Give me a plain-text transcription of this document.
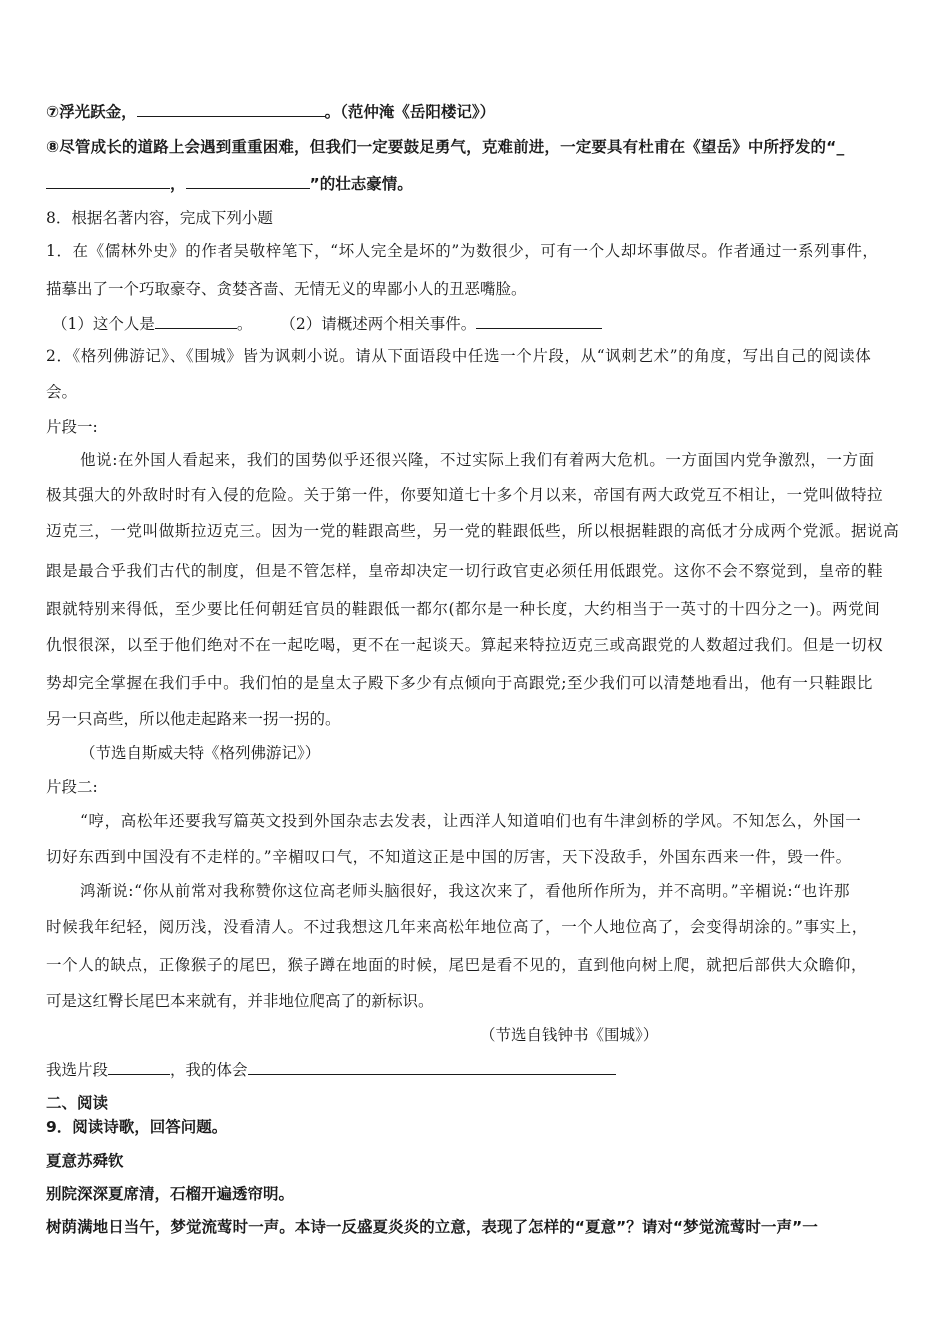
⑦浮光跃金，	。（范仲淹《岳阳楼记》）
⑧尽管成长的道路上会遇到重重困难，但我们一定要鼓足勇气，克难前进，一定要具有杜甫在《望岳》中所抒发的“_
，	”的壮志豪情。
8．根据名著内容，完成下列小题
1．在《儒林外史》的作者吴敬梓笔下，“坏人完全是坏的”为数很少，可有一个人却坏事做尽。作者通过一系列事件，
描摹出了一个巧取豪夺、贪婪吝啬、无情无义的卑鄙小人的丑恶嘴脸。
（1）这个人是	。 （2）请概述两个相关事件。
2．《格列佛游记》、《围城》皆为讽刺小说。请从下面语段中任选一个片段，从“讽刺艺术”的角度，写出自己的阅读体
会。
片段一:
他说:在外国人看起来，我们的国势似乎还很兴隆，不过实际上我们有着两大危机。一方面国内党争激烈，一方面
极其强大的外敌时时有入侵的危险。关于第一件，你要知道七十多个月以来，帝国有两大政党互不相让，一党叫做特拉
迈克三，一党叫做斯拉迈克三。因为一党的鞋跟高些，另一党的鞋跟低些，所以根据鞋跟的高低才分成两个党派。据说高
跟是最合乎我们古代的制度，但是不管怎样，皇帝却决定一切行政官吏必须任用低跟党。这你不会不察觉到，皇帝的鞋
跟就特别来得低，至少要比任何朝廷官员的鞋跟低一都尔(都尔是一种长度，大约相当于一英寸的十四分之一)。两党间
仇恨很深，以至于他们绝对不在一起吃喝，更不在一起谈天。算起来特拉迈克三或高跟党的人数超过我们。但是一切权
势却完全掌握在我们手中。我们怕的是皇太子殿下多少有点倾向于高跟党;至少我们可以清楚地看出，他有一只鞋跟比
另一只高些，所以他走起路来一拐一拐的。
（节选自斯威夫特《格列佛游记》）
片段二:
“哼，高松年还要我写篇英文投到外国杂志去发表，让西洋人知道咱们也有牛津剑桥的学风。不知怎么，外国一
切好东西到中国没有不走样的。”辛楣叹口气，不知道这正是中国的厉害，天下没敌手，外国东西来一件，毁一件。
鸿渐说:“你从前常对我称赞你这位高老师头脑很好，我这次来了，看他所作所为，并不高明。”辛楣说:“也许那
时候我年纪轻，阅历浅，没看清人。不过我想这几年来高松年地位高了，一个人地位高了，会变得胡涂的。”事实上，
一个人的缺点，正像猴子的尾巴，猴子蹲在地面的时候，尾巴是看不见的，直到他向树上爬，就把后部供大众瞻仰，
可是这红臀长尾巴本来就有，并非地位爬高了的新标识。
（节选自钱钟书《围城》）
我选片段	，我的体会
二、阅读
9．阅读诗歌，回答问题。
夏意苏舜钦
别院深深夏席清，石榴开遍透帘明。
树荫满地日当午，梦觉流莺时一声。本诗一反盛夏炎炎的立意，表现了怎样的“夏意”？请对“梦觉流莺时一声”一
